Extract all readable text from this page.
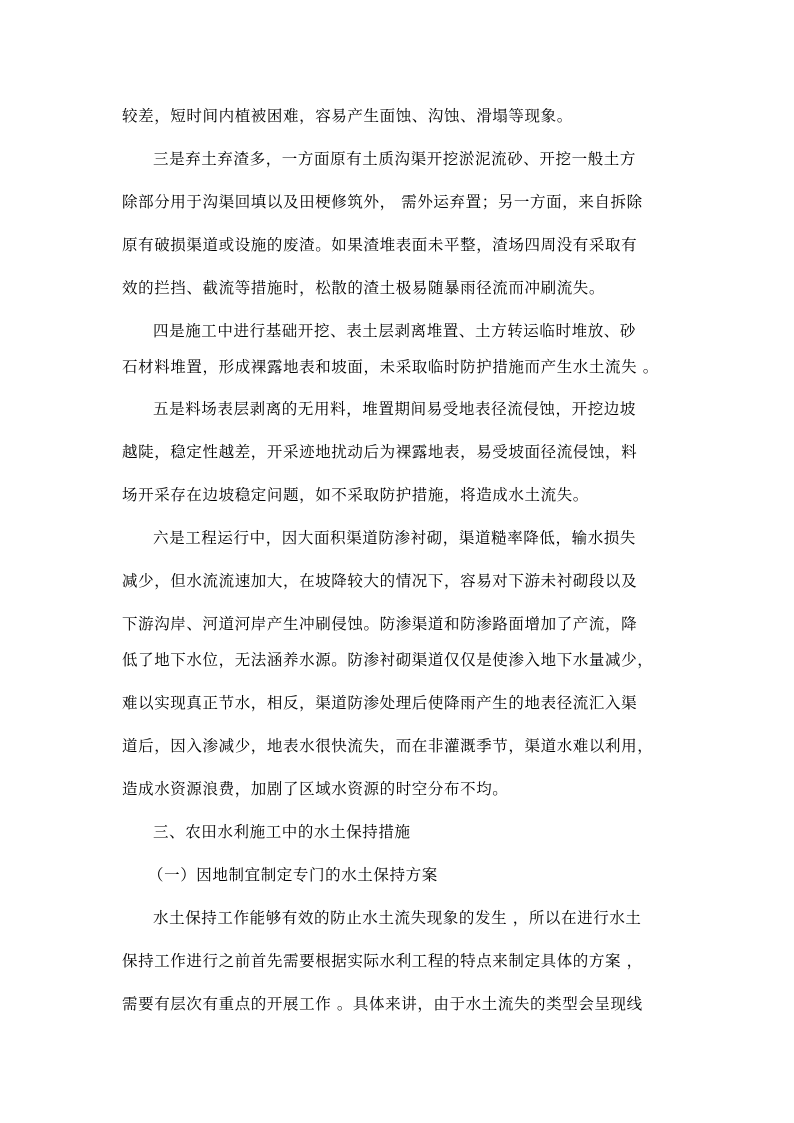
较差，短时间内植被困难，容易产生面蚀、沟蚀、滑塌等现象。
三是弃土弃渣多，一方面原有土质沟渠开挖淤泥流砂、开挖一般土方
除部分用于沟渠回填以及田梗修筑外， 需外运弃置；另一方面，来自拆除
原有破损渠道或设施的废渣。如果渣堆表面未平整，渣场四周没有采取有
效的拦挡、截流等措施时，松散的渣土极易随暴雨径流而冲刷流失。
四是施工中进行基础开挖、表土层剥离堆置、土方转运临时堆放、砂
石材料堆置，形成裸露地表和坡面，未采取临时防护措施而产生水土流失 。
五是料场表层剥离的无用料，堆置期间易受地表径流侵蚀，开挖边坡
越陡，稳定性越差，开采迹地扰动后为裸露地表，易受坡面径流侵蚀，料
场开采存在边坡稳定问题，如不采取防护措施，将造成水土流失。
六是工程运行中，因大面积渠道防渗衬砌，渠道糙率降低，输水损失
减少，但水流流速加大，在坡降较大的情况下，容易对下游未衬砌段以及
下游沟岸、河道河岸产生冲刷侵蚀。防渗渠道和防渗路面增加了产流，降
低了地下水位，无法涵养水源。防渗衬砌渠道仅仅是使渗入地下水量减少，
难以实现真正节水，相反，渠道防渗处理后使降雨产生的地表径流汇入渠
道后，因入渗减少，地表水很快流失，而在非灌溉季节，渠道水难以利用，
造成水资源浪费，加剧了区域水资源的时空分布不均。
三、农田水利施工中的水土保持措施
（一）因地制宜制定专门的水土保持方案
水土保持工作能够有效的防止水土流失现象的发生 ，所以在进行水土
保持工作进行之前首先需要根据实际水利工程的特点来制定具体的方案 ，
需要有层次有重点的开展工作 。具体来讲，由于水土流失的类型会呈现线
